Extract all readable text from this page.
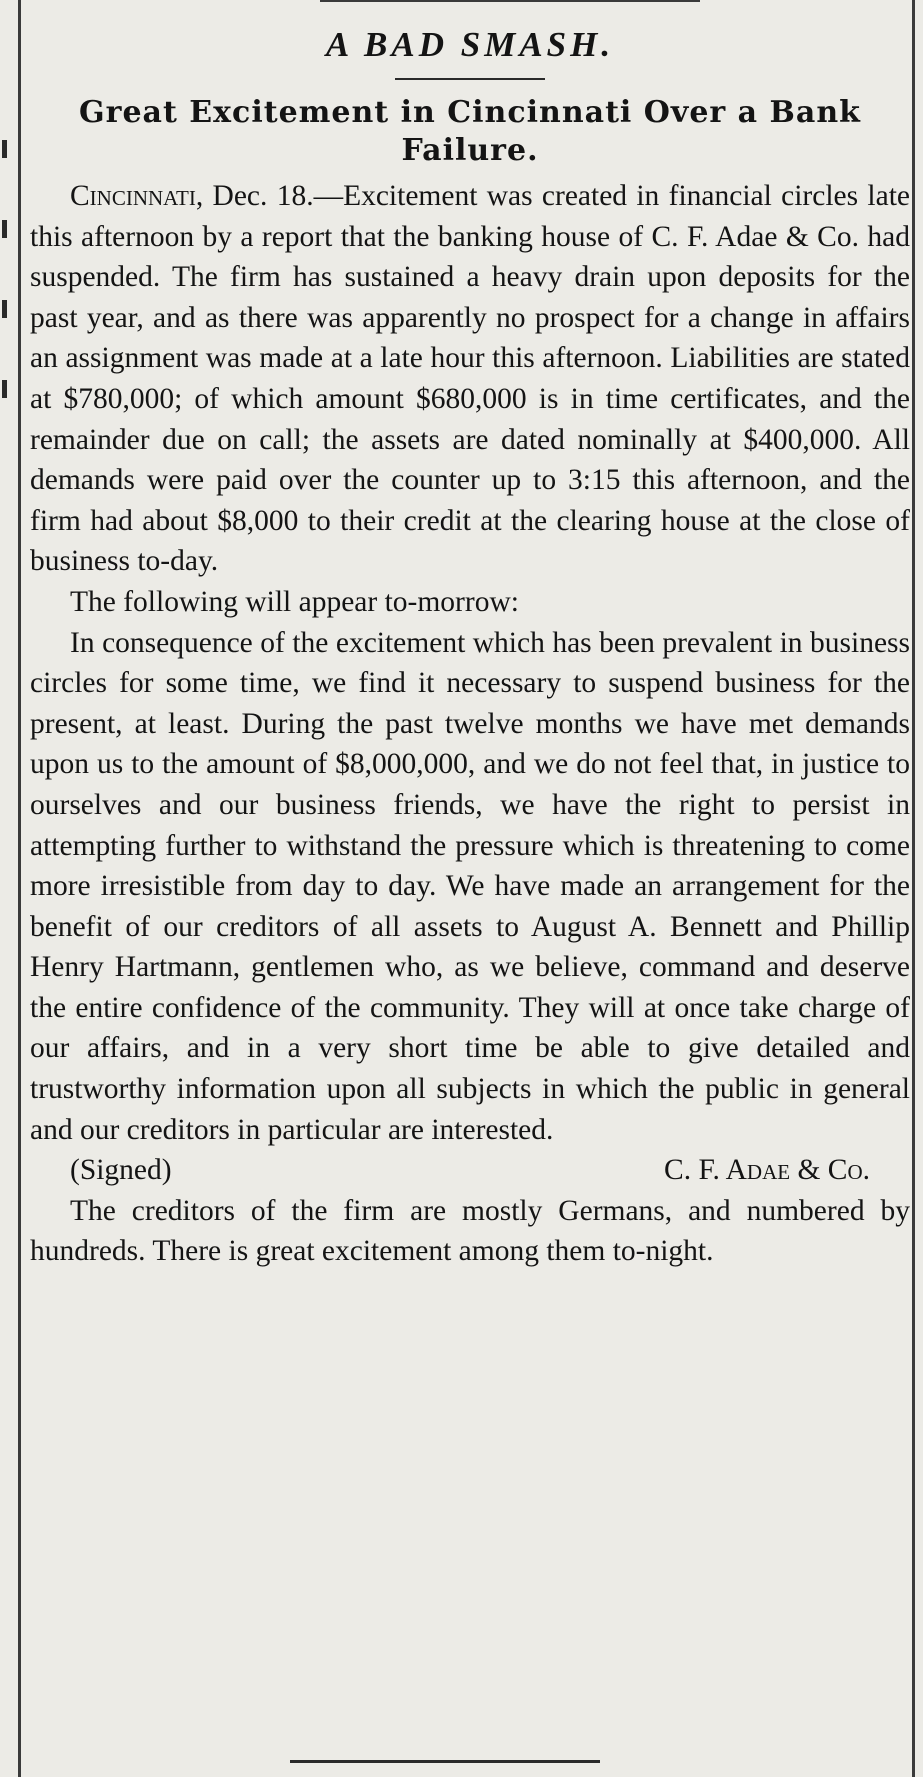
A BAD SMASH.
Great Excitement in Cincinnati Over a Bank Failure.

Cincinnati, Dec. 18.—Excitement was created in financial circles late this afternoon by a report that the banking house of C. F. Adae & Co. had suspended. The firm has sustained a heavy drain upon deposits for the past year, and as there was apparently no prospect for a change in affairs an assignment was made at a late hour this afternoon. Liabilities are stated at $780,000; of which amount $680,000 is in time certificates, and the remainder due on call; the assets are dated nominally at $400,000. All demands were paid over the counter up to 3:15 this afternoon, and the firm had about $8,000 to their credit at the clearing house at the close of business to-day.

The following will appear to-morrow:

In consequence of the excitement which has been prevalent in business circles for some time, we find it necessary to suspend business for the present, at least. During the past twelve months we have met demands upon us to the amount of $8,000,000, and we do not feel that, in justice to ourselves and our business friends, we have the right to persist in attempting further to withstand the pressure which is threatening to come more irresistible from day to day. We have made an arrangement for the benefit of our creditors of all assets to August A. Bennett and Phillip Henry Hartmann, gentlemen who, as we believe, command and deserve the entire confidence of the community. They will at once take charge of our affairs, and in a very short time be able to give detailed and trustworthy information upon all subjects in which the public in general and our creditors in particular are interested.

(Signed)	C. F. Adae & Co.

The creditors of the firm are mostly Germans, and numbered by hundreds. There is great excitement among them to-night.
